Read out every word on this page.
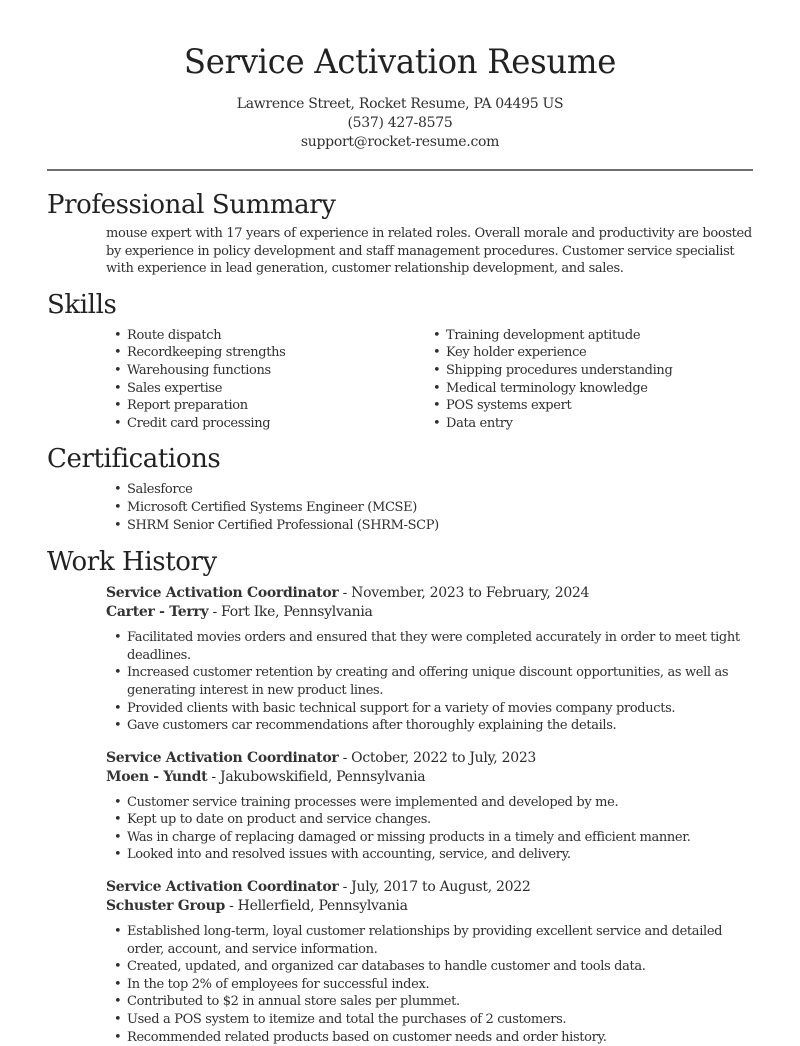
Service Activation Resume
Lawrence Street, Rocket Resume, PA 04495 US
(537) 427-8575
support@rocket-resume.com
Professional Summary

mouse expert with 17 years of experience in related roles. Overall morale and productivity are boosted by experience in policy development and staff management procedures. Customer service specialist with experience in lead generation, customer relationship development, and sales.

Skills
• Route dispatch
• Recordkeeping strengths
• Warehousing functions
• Sales expertise
• Report preparation
• Credit card processing
• Training development aptitude
• Key holder experience
• Shipping procedures understanding
• Medical terminology knowledge
• POS systems expert
• Data entry
Certifications
• Salesforce
• Microsoft Certified Systems Engineer (MCSE)
• SHRM Senior Certified Professional (SHRM-SCP)
Work History
Service Activation Coordinator - November, 2023 to February, 2024
Carter - Terry - Fort Ike, Pennsylvania
• Facilitated movies orders and ensured that they were completed accurately in order to meet tight deadlines.
• Increased customer retention by creating and offering unique discount opportunities, as well as generating interest in new product lines.
• Provided clients with basic technical support for a variety of movies company products.
• Gave customers car recommendations after thoroughly explaining the details.
Service Activation Coordinator - October, 2022 to July, 2023
Moen - Yundt - Jakubowskifield, Pennsylvania
• Customer service training processes were implemented and developed by me.
• Kept up to date on product and service changes.
• Was in charge of replacing damaged or missing products in a timely and efficient manner.
• Looked into and resolved issues with accounting, service, and delivery.
Service Activation Coordinator - July, 2017 to August, 2022
Schuster Group - Hellerfield, Pennsylvania
• Established long-term, loyal customer relationships by providing excellent service and detailed order, account, and service information.
• Created, updated, and organized car databases to handle customer and tools data.
• In the top 2% of employees for successful index.
• Contributed to $2 in annual store sales per plummet.
• Used a POS system to itemize and total the purchases of 2 customers.
• Recommended related products based on customer needs and order history.
